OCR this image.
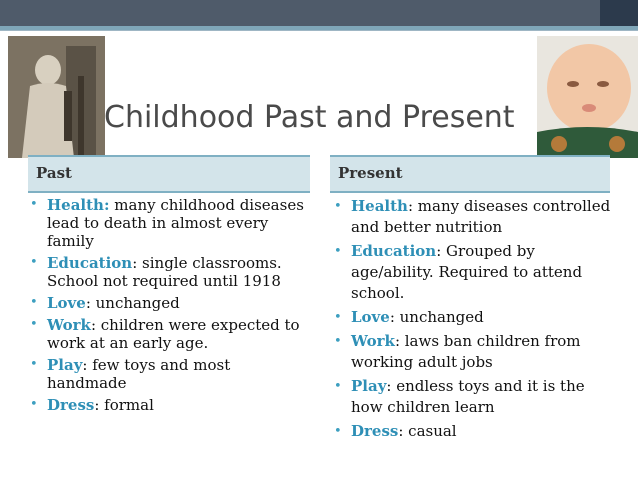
Childhood Past and Present
Past	Present
• Health: many childhood diseases lead to death in almost every family
• Education: single classrooms. School not required until 1918
• Love: unchanged
• Work: children were expected to work at an early age.
• Play: few toys and most handmade
• Dress: formal
• Health: many diseases controlled and better nutrition
• Education: Grouped by age/ability. Required to attend school.
• Love: unchanged
• Work: laws ban children from working adult jobs
• Play: endless toys and it is the how children learn
• Dress: casual
